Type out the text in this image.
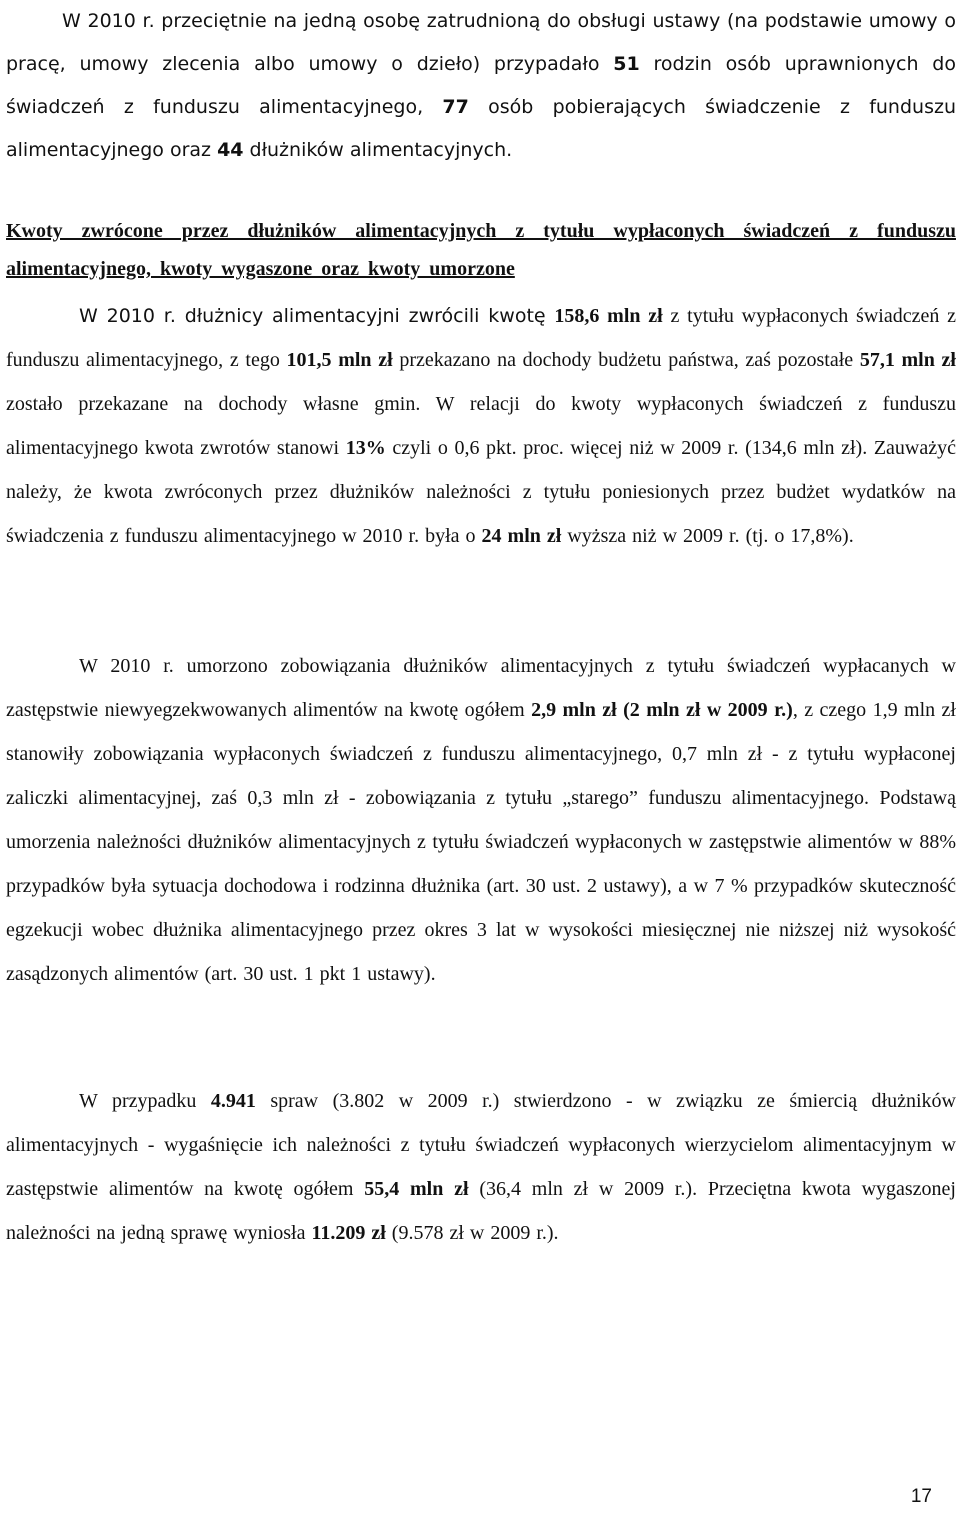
W 2010 r. przeciętnie na jedną osobę zatrudnioną do obsługi ustawy (na podstawie umowy o pracę, umowy zlecenia albo umowy o dzieło) przypadało 51 rodzin osób uprawnionych do świadczeń z funduszu alimentacyjnego, 77 osób pobierających świadczenie z funduszu alimentacyjnego oraz 44 dłużników alimentacyjnych.

Kwoty zwrócone przez dłużników alimentacyjnych z tytułu wypłaconych świadczeń z funduszu alimentacyjnego, kwoty wygaszone oraz kwoty umorzone

W 2010 r. dłużnicy alimentacyjni zwrócili kwotę 158,6 mln zł z tytułu wypłaconych świadczeń z funduszu alimentacyjnego, z tego 101,5 mln zł przekazano na dochody budżetu państwa, zaś pozostałe 57,1 mln zł zostało przekazane na dochody własne gmin. W relacji do kwoty wypłaconych świadczeń z funduszu alimentacyjnego kwota zwrotów stanowi 13% czyli o 0,6 pkt. proc. więcej niż w 2009 r. (134,6 mln zł). Zauważyć należy, że kwota zwróconych przez dłużników należności z tytułu poniesionych przez budżet wydatków na świadczenia z funduszu alimentacyjnego w 2010 r. była o 24 mln zł wyższa niż w 2009 r. (tj. o 17,8%).

W 2010 r. umorzono zobowiązania dłużników alimentacyjnych z tytułu świadczeń wypłacanych w zastępstwie niewyegzekwowanych alimentów na kwotę ogółem 2,9 mln zł (2 mln zł w 2009 r.), z czego 1,9 mln zł stanowiły zobowiązania wypłaconych świadczeń z funduszu alimentacyjnego, 0,7 mln zł - z tytułu wypłaconej zaliczki alimentacyjnej, zaś 0,3 mln zł - zobowiązania z tytułu „starego” funduszu alimentacyjnego. Podstawą umorzenia należności dłużników alimentacyjnych z tytułu świadczeń wypłaconych w zastępstwie alimentów w 88% przypadków była sytuacja dochodowa i rodzinna dłużnika (art. 30 ust. 2 ustawy), a w 7 % przypadków skuteczność egzekucji wobec dłużnika alimentacyjnego przez okres 3 lat w wysokości miesięcznej nie niższej niż wysokość zasądzonych alimentów (art. 30 ust. 1 pkt 1 ustawy).

W przypadku 4.941 spraw (3.802 w 2009 r.) stwierdzono - w związku ze śmiercią dłużników alimentacyjnych - wygaśnięcie ich należności z tytułu świadczeń wypłaconych wierzycielom alimentacyjnym w zastępstwie alimentów na kwotę ogółem 55,4 mln zł (36,4 mln zł w 2009 r.). Przeciętna kwota wygaszonej należności na jedną sprawę wyniosła 11.209 zł (9.578 zł w 2009 r.).

17
